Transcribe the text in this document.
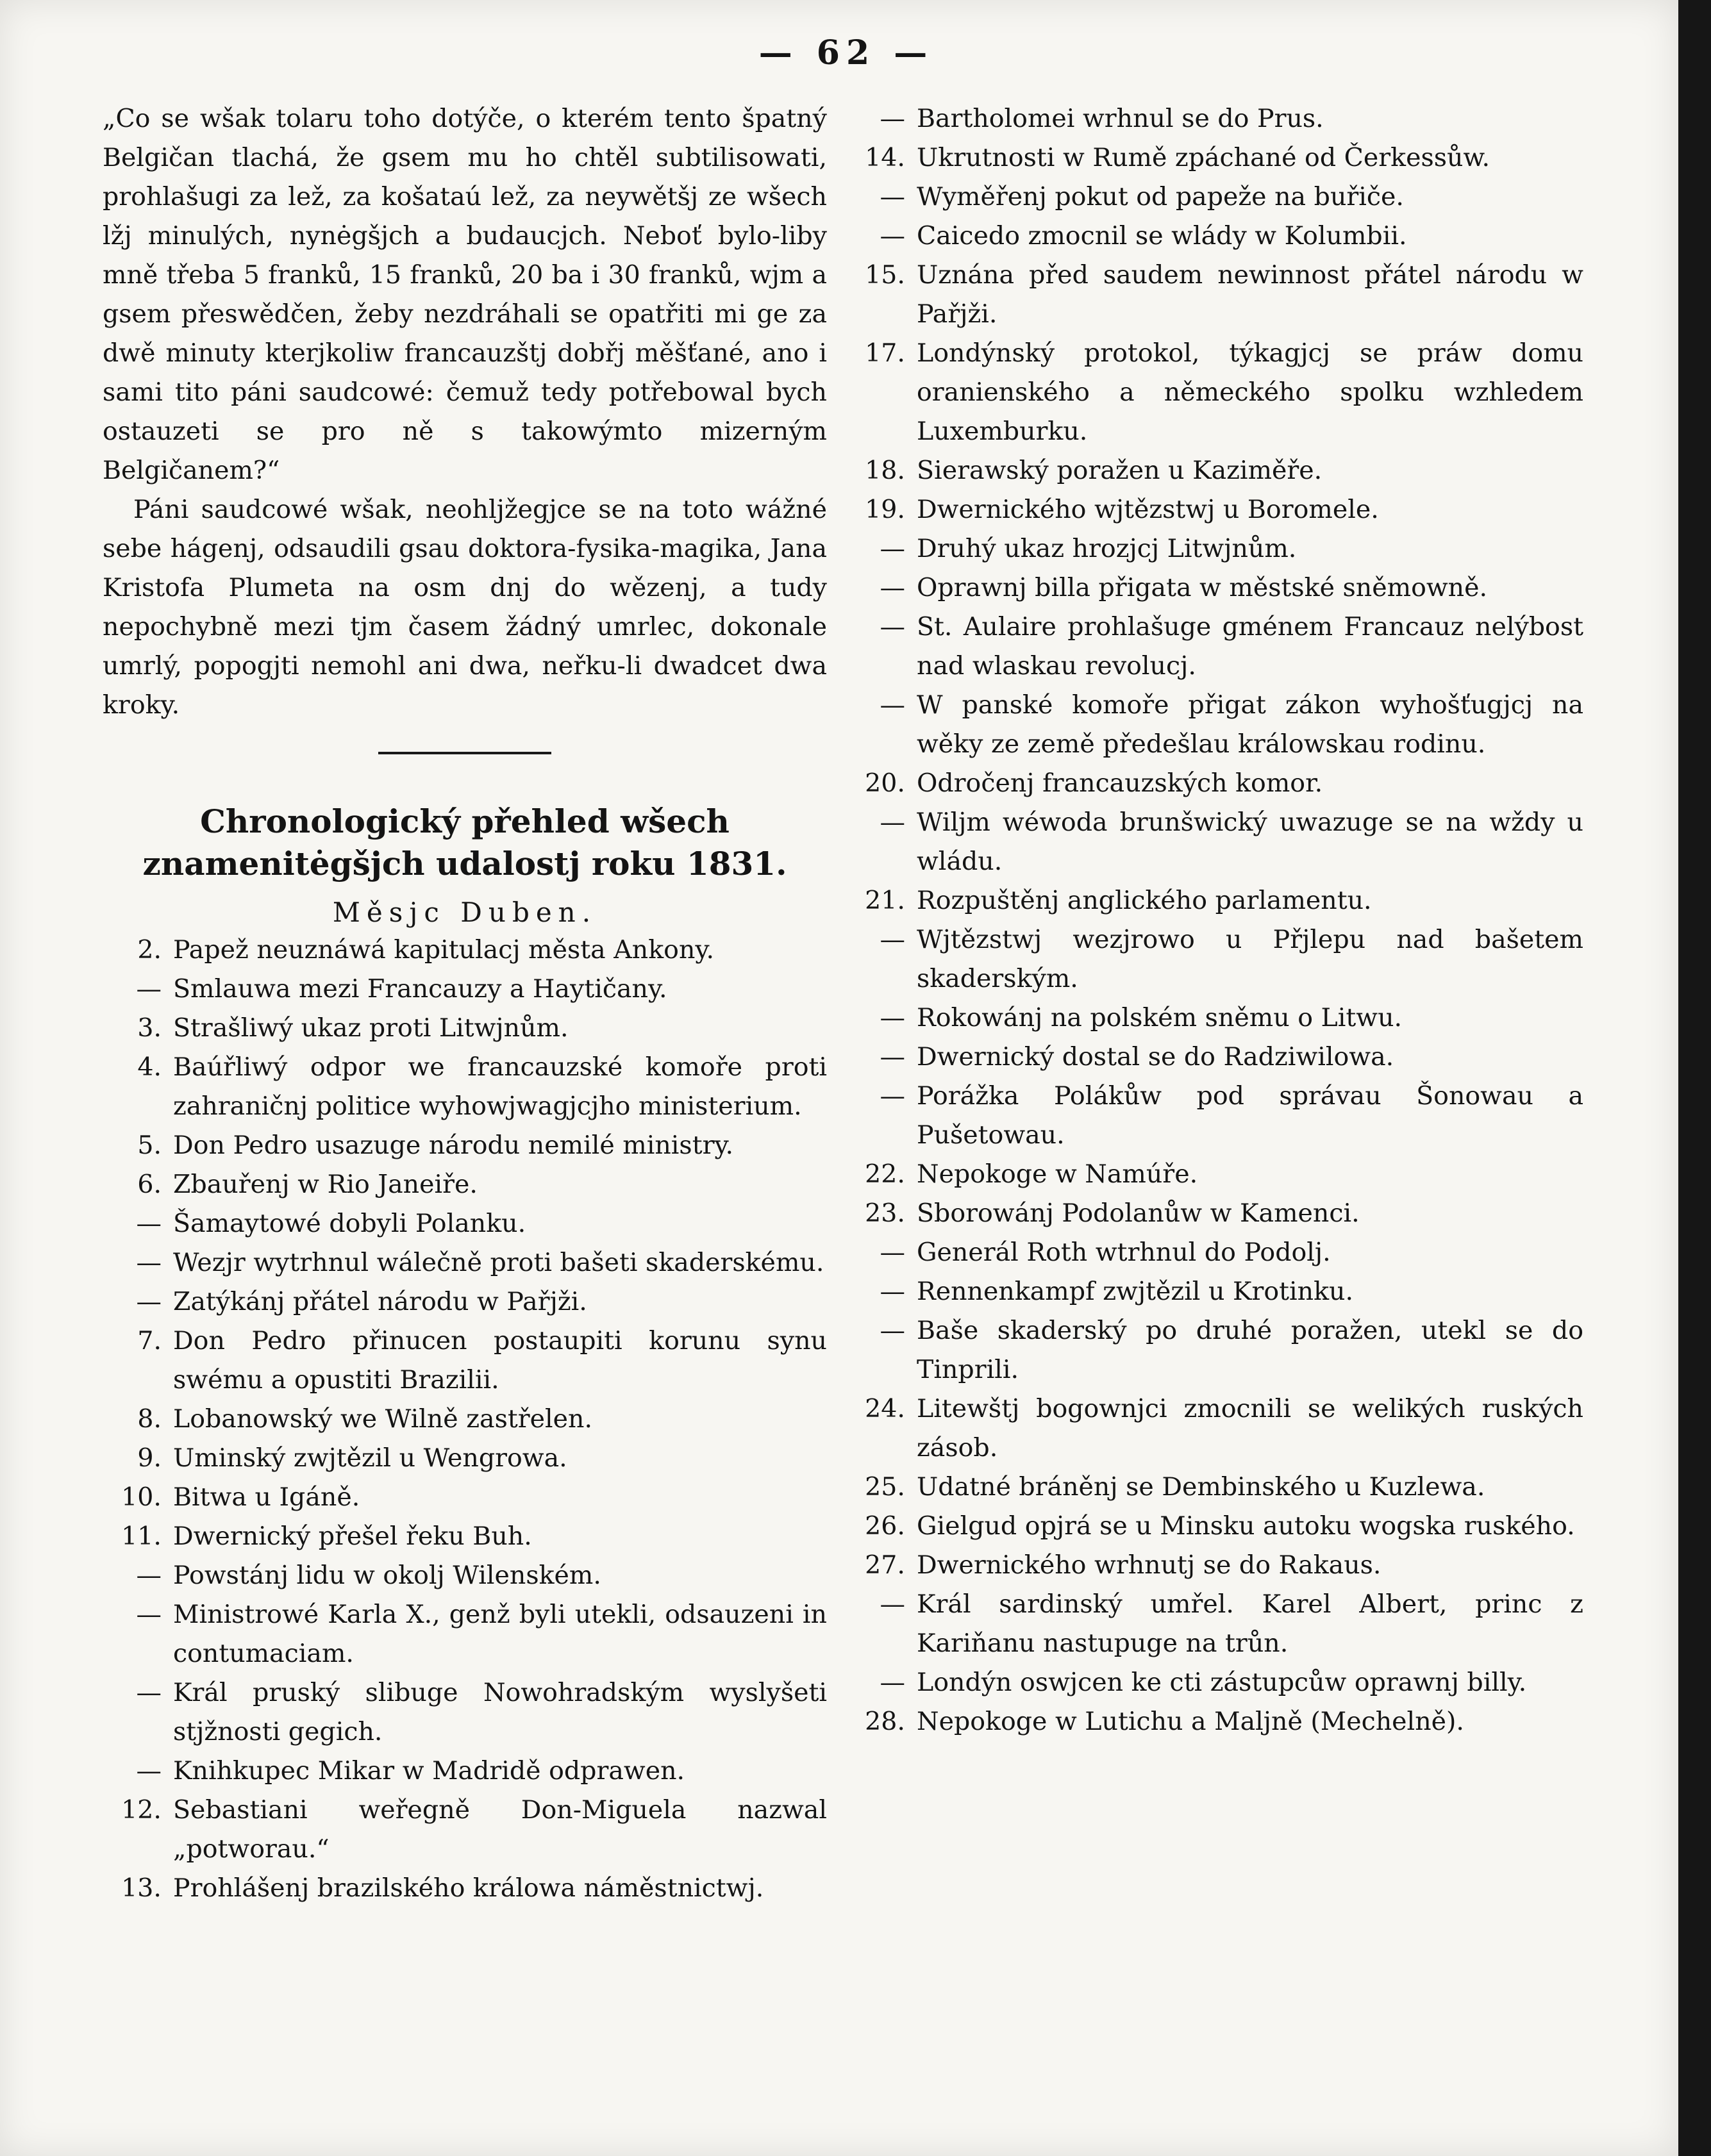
— 62 —

„Co se wšak tolaru toho dotýče, o kterém tento špatný Belgičan tlachá, že gsem mu ho chtěl subtilisowati, prohlašugi za lež, za košataú lež, za neywětšj ze wšech lžj minulých, nynėgšjch a budaucjch. Neboť bylo-liby mně třeba 5 franků, 15 franků, 20 ba i 30 franků, wjm a gsem přeswědčen, žeby nezdráhali se opatřiti mi ge za dwě minuty kterjkoliw francauzštj dobřj měšťané, ano i sami tito páni saudcowé: čemuž tedy potřebowal bych ostauzeti se pro ně s takowýmto mizerným Belgičanem?“

Páni saudcowé wšak, neohljžegjce se na toto wážné sebe hágenj, odsaudili gsau doktora-fysika-magika, Jana Kristofa Plumeta na osm dnj do wězenj, a tudy nepochybně mezi tjm časem žádný umrlec, dokonale umrlý, popogjti nemohl ani dwa, neřku-li dwadcet dwa kroky.

Chronologický přehled wšech znamenitėgšjch udalostj roku 1831.
Měsjc Duben.
2. Papež neuznáwá kapitulacj města Ankony.
— Smlauwa mezi Francauzy a Haytičany.
3. Strašliwý ukaz proti Litwjnům.
4. Baúřliwý odpor we francauzské komoře proti zahraničnj politice wyhowjwagjcjho ministerium.
5. Don Pedro usazuge národu nemilé ministry.
6. Zbauřenj w Rio Janeiře.
— Šamaytowé dobyli Polanku.
— Wezjr wytrhnul wálečně proti bašeti skaderskému.
— Zatýkánj přátel národu w Pařjži.
7. Don Pedro přinucen postaupiti korunu synu swému a opustiti Brazilii.
8. Lobanowský we Wilně zastřelen.
9. Uminský zwjtězil u Wengrowa.
10. Bitwa u Igáně.
11. Dwernický přešel řeku Buh.
— Powstánj lidu w okolj Wilenském.
— Ministrowé Karla X., genž byli utekli, odsauzeni in contumaciam.
— Král pruský slibuge Nowohradským wyslyšeti stjžnosti gegich.
— Knihkupec Mikar w Madridě odprawen.
12. Sebastiani weřegně Don-Miguela nazwal „potworau.“
13. Prohlášenj brazilského králowa náměstnictwj.
— Bartholomei wrhnul se do Prus.
14. Ukrutnosti w Rumě zpáchané od Čerkessůw.
— Wyměřenj pokut od papeže na buřiče.
— Caicedo zmocnil se wlády w Kolumbii.
15. Uznána před saudem newinnost přátel národu w Pařjži.
17. Londýnský protokol, týkagjcj se práw domu oranienského a německého spolku wzhledem Luxemburku.
18. Sierawský poražen u Kaziměře.
19. Dwernického wjtězstwj u Boromele.
— Druhý ukaz hrozjcj Litwjnům.
— Oprawnj billa přigata w městské sněmowně.
— St. Aulaire prohlašuge gménem Francauz nelýbost nad wlaskau revolucj.
— W panské komoře přigat zákon wyhošťugjcj na wěky ze země předešlau králowskau rodinu.
20. Odročenj francauzských komor.
— Wiljm wéwoda brunšwický uwazuge se na wždy u wládu.
21. Rozpuštěnj anglického parlamentu.
— Wjtězstwj wezjrowo u Přjlepu nad bašetem skaderským.
— Rokowánj na polském sněmu o Litwu.
— Dwernický dostal se do Radziwilowa.
— Porážka Polákůw pod správau Šonowau a Pušetowau.
22. Nepokoge w Namúře.
23. Sborowánj Podolanůw w Kamenci.
— Generál Roth wtrhnul do Podolj.
— Rennenkampf zwjtězil u Krotinku.
— Baše skaderský po druhé poražen, utekl se do Tinprili.
24. Litewštj bogownjci zmocnili se welikých ruských zásob.
25. Udatné bráněnj se Dembinského u Kuzlewa.
26. Gielgud opjrá se u Minsku autoku wogska ruského.
27. Dwernického wrhnutj se do Rakaus.
— Král sardinský umřel. Karel Albert, princ z Kariňanu nastupuge na trůn.
— Londýn oswjcen ke cti zástupcůw oprawnj billy.
28. Nepokoge w Lutichu a Maljně (Mechelně).
